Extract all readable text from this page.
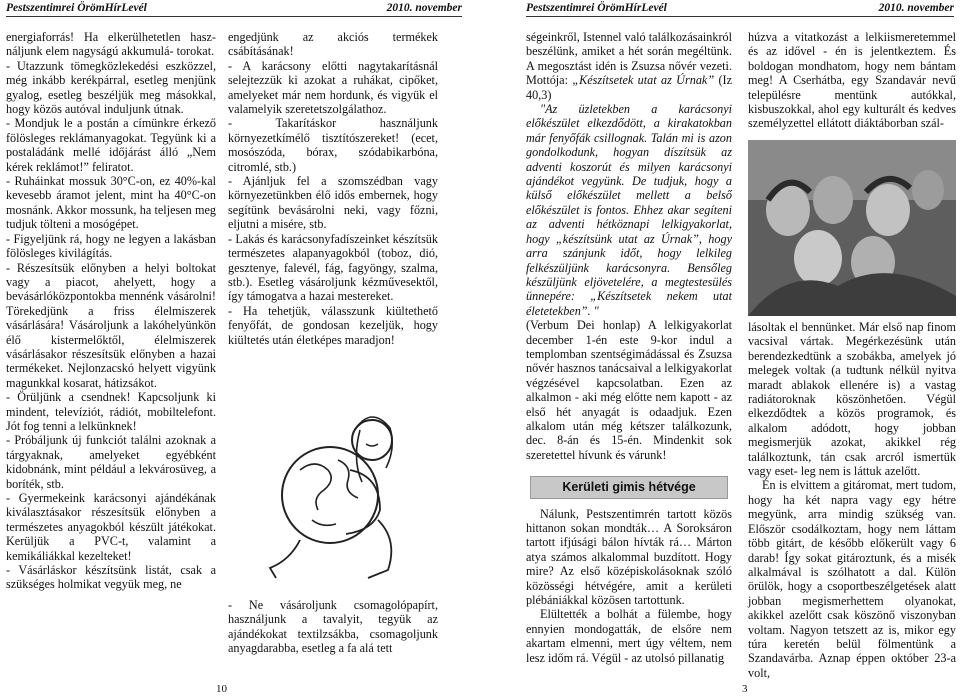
Pestszentimrei ÖrömHírLevél	2010. november

energiaforrás! Ha elkerülhetetlen hasz- náljunk elem nagyságú akkumulá- torokat.

- Utazzunk tömegközlekedési eszközzel, még inkább kerékpárral, esetleg menjünk gyalog, esetleg beszéljük meg másokkal, hogy közös autóval induljunk útnak.

- Mondjuk le a postán a címünkre érkező fölösleges reklámanyagokat. Tegyünk ki a postaládánk mellé időjárást álló „Nem kérek reklámot!” feliratot.

- Ruháinkat mossuk 30°C-on, ez 40%-kal kevesebb áramot jelent, mint ha 40°C-on mosnánk. Akkor mossunk, ha teljesen meg tudjuk tölteni a mosógépet.

- Figyeljünk rá, hogy ne legyen a lakásban fölösleges kivilágítás.

- Részesítsük előnyben a helyi boltokat vagy a piacot, ahelyett, hogy a bevásárlóközpontokba mennénk vásárolni! Törekedjünk a friss élelmiszerek vásárlására! Vásároljunk a lakóhelyünkön élő kistermelőktől, élelmiszerek vásárlásakor részesítsük előnyben a hazai termékeket. Nejlonzacskó helyett vigyünk magunkkal kosarat, hátizsákot.

- Örüljünk a csendnek! Kapcsoljunk ki mindent, televíziót, rádiót, mobiltelefont. Jót fog tenni a lelkünknek!

- Próbáljunk új funkciót találni azoknak a tárgyaknak, amelyeket egyébként kidobnánk, mint például a lekvárosüveg, a boríték, stb.

- Gyermekeink karácsonyi ajándékának kiválasztásakor részesítsük előnyben a természetes anyagokból készült játékokat. Kerüljük a PVC-t, valamint a kemikáliákkal kezelteket!

- Vásárláskor készítsünk listát, csak a szükséges holmikat vegyük meg, ne

engedjünk az akciós termékek csábításának!

- A karácsony előtti nagytakarításnál selejtezzük ki azokat a ruhákat, cipőket, amelyeket már nem hordunk, és vigyük el valamelyik szeretetszolgálathoz.

- Takarításkor használjunk környezetkímélő tisztítószereket! (ecet, mosószóda, bórax, szódabikarbóna, citromlé, stb.)

- Ajánljuk fel a szomszédban vagy környezetünkben élő idős embernek, hogy segítünk bevásárolni neki, vagy főzni, eljutni a misére, stb.

- Lakás és karácsonyfadíszeinket készítsük természetes alapanyagokból (toboz, dió, gesztenye, falevél, fág, fagyöngy, szalma, stb.). Esetleg vásároljunk kézművesektől, így támogatva a hazai mestereket.

- Ha tehetjük, válasszunk kiültethető fenyőfát, de gondosan kezeljük, hogy kiültetés után életképes maradjon!

- Ne vásároljunk csomagolópapírt, használjunk a tavalyit, tegyük az ajándékokat textilzsákba, csomagoljunk anyagdarabba, esetleg a fa alá tett

10
Pestszentimrei ÖrömHírLevél	2010. november

ségeinkről, Istennel való találkozásainkról beszélünk, amiket a hét során megéltünk. A megosztást idén is Zsuzsa nővér vezeti. Mottója: „Készítsetek utat az Úrnak” (Iz 40,3)

"Az üzletekben a karácsonyi előkészület elkezdődött, a kirakatokban már fenyőfák csillognak. Talán mi is azon gondolkodunk, hogyan díszítsük az adventi koszorút és milyen karácsonyi ajándékot vegyünk. De tudjuk, hogy a külső előkészület mellett a belső előkészület is fontos. Ehhez akar segíteni az adventi hétköznapi lelkigyakorlat, hogy „készítsünk utat az Úrnak”, hogy arra szánjunk időt, hogy lelkileg felkészüljünk karácsonyra. Bensőleg készüljünk eljövetelére, a megtestesülés ünnepére: „Készítsetek nekem utat életetekben”. "

(Verbum Dei honlap) A lelkigyakorlat december 1-én este 9-kor indul a templomban szentségimádással és Zsuzsa nővér hasznos tanácsaival a lelkigyakorlat végzésével kapcsolatban. Ezen az alkalmon - aki még előtte nem kapott - az első hét anyagát is odaadjuk. Ezen alkalom után még kétszer találkozunk, dec. 8-án és 15-én. Mindenkit sok szeretettel hívunk és várunk!

Kerületi gimis hétvége

Nálunk, Pestszentimrén tartott közös hittanon sokan mondták… A Soroksáron tartott ifjúsági bálon hívták rá… Márton atya számos alkalommal buzdított. Hogy mire? Az első középiskolásoknak szóló közösségi hétvégére, amit a kerületi plébániákkal közösen tartottunk.

Elültették a bolhát a fülembe, hogy ennyien mondogatták, de elsőre nem akartam elmenni, mert úgy véltem, nem lesz időm rá. Végül - az utolsó pillanatig

húzva a vitatkozást a lelkiismeretemmel és az idővel - én is jelentkeztem. És boldogan mondhatom, hogy nem bántam meg! A Cserhátba, egy Szandavár nevű településre mentünk autókkal, kisbuszokkal, ahol egy kulturált és kedves személyzettel ellátott diáktáborban szál-

lásoltak el bennünket. Már első nap finom vacsival vártak. Megérkezésünk után berendezkedtünk a szobákba, amelyek jó melegek voltak (a tudtunk nélkül nyitva maradt ablakok ellenére is) a vastag radiátoroknak köszönhetően. Végül elkezdődtek a közös programok, és alkalom adódott, hogy jobban megismerjük azokat, akikkel rég találkoztunk, tán csak arcról ismertük vagy eset- leg nem is láttuk azelőtt.

Én is elvittem a gitáromat, mert tudom, hogy ha két napra vagy egy hétre megyünk, arra mindig szükség van. Először csodálkoztam, hogy nem láttam több gitárt, de később előkerült vagy 6 darab! Így sokat gitároztunk, és a misék alkalmával is szólhatott a dal. Külön örülök, hogy a csoportbeszélgetések alatt jobban megismerhettem olyanokat, akikkel azelőtt csak köszönő viszonyban voltam. Nagyon tetszett az is, mikor egy túra keretén belül fölmentünk a Szandavárba. Aznap éppen október 23-a volt,

3
